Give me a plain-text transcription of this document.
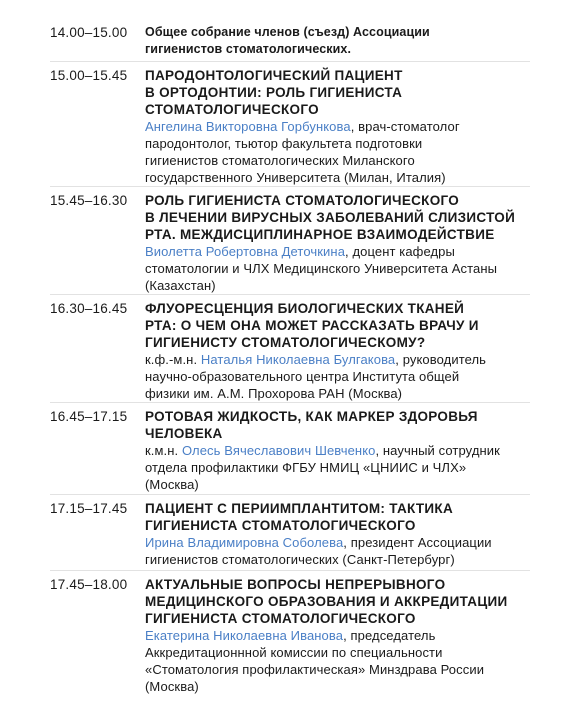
14.00–15.00 Общее собрание членов (съезд) Ассоциации

гигиенистов стоматологических.

15.00–15.45 ПАРОДОНТОЛОГИЧЕСКИЙ ПАЦИЕНТ

В ОРТОДОНТИИ: РОЛЬ ГИГИЕНИСТА

СТОМАТОЛОГИЧЕСКОГО

Ангелина Викторовна Горбункова, врач-стоматолог

пародонтолог, тьютор факультета подготовки

гигиенистов стоматологических Миланского

государственного Университета (Милан, Италия)

15.45–16.30 РОЛЬ ГИГИЕНИСТА СТОМАТОЛОГИЧЕСКОГО

В ЛЕЧЕНИИ ВИРУСНЫХ ЗАБОЛЕВАНИЙ СЛИЗИСТОЙ

РТА. МЕЖДИСЦИПЛИНАРНОЕ ВЗАИМОДЕЙСТВИЕ

Виолетта Робертовна Деточкина, доцент кафедры

стоматологии и ЧЛХ Медицинского Университета Астаны

(Казахстан)

16.30–16.45 ФЛУОРЕСЦЕНЦИЯ БИОЛОГИЧЕСКИХ ТКАНЕЙ

РТА: О ЧЕМ ОНА МОЖЕТ РАССКАЗАТЬ ВРАЧУ И

ГИГИЕНИСТУ СТОМАТОЛОГИЧЕСКОМУ?

к.ф.-м.н. Наталья Николаевна Булгакова, руководитель

научно-образовательного центра Института общей

физики им. А.М. Прохорова РАН (Москва)

16.45–17.15 РОТОВАЯ ЖИДКОСТЬ, КАК МАРКЕР ЗДОРОВЬЯ

ЧЕЛОВЕКА

к.м.н. Олесь Вячеславович Шевченко, научный сотрудник

отдела профилактики ФГБУ НМИЦ «ЦНИИС и ЧЛХ»

(Москва)

17.15–17.45 ПАЦИЕНТ С ПЕРИИМПЛАНТИТОМ: ТАКТИКА

ГИГИЕНИСТА СТОМАТОЛОГИЧЕСКОГО

Ирина Владимировна Соболева, президент Ассоциации

гигиенистов стоматологических (Санкт-Петербург)

17.45–18.00 АКТУАЛЬНЫЕ ВОПРОСЫ НЕПРЕРЫВНОГО

МЕДИЦИНСКОГО ОБРАЗОВАНИЯ И АККРЕДИТАЦИИ

ГИГИЕНИСТА СТОМАТОЛОГИЧЕСКОГО

Екатерина Николаевна Иванова, председатель

Аккредитационнной комиссии по специальности

«Стоматология профилактическая» Минздрава России

(Москва)
